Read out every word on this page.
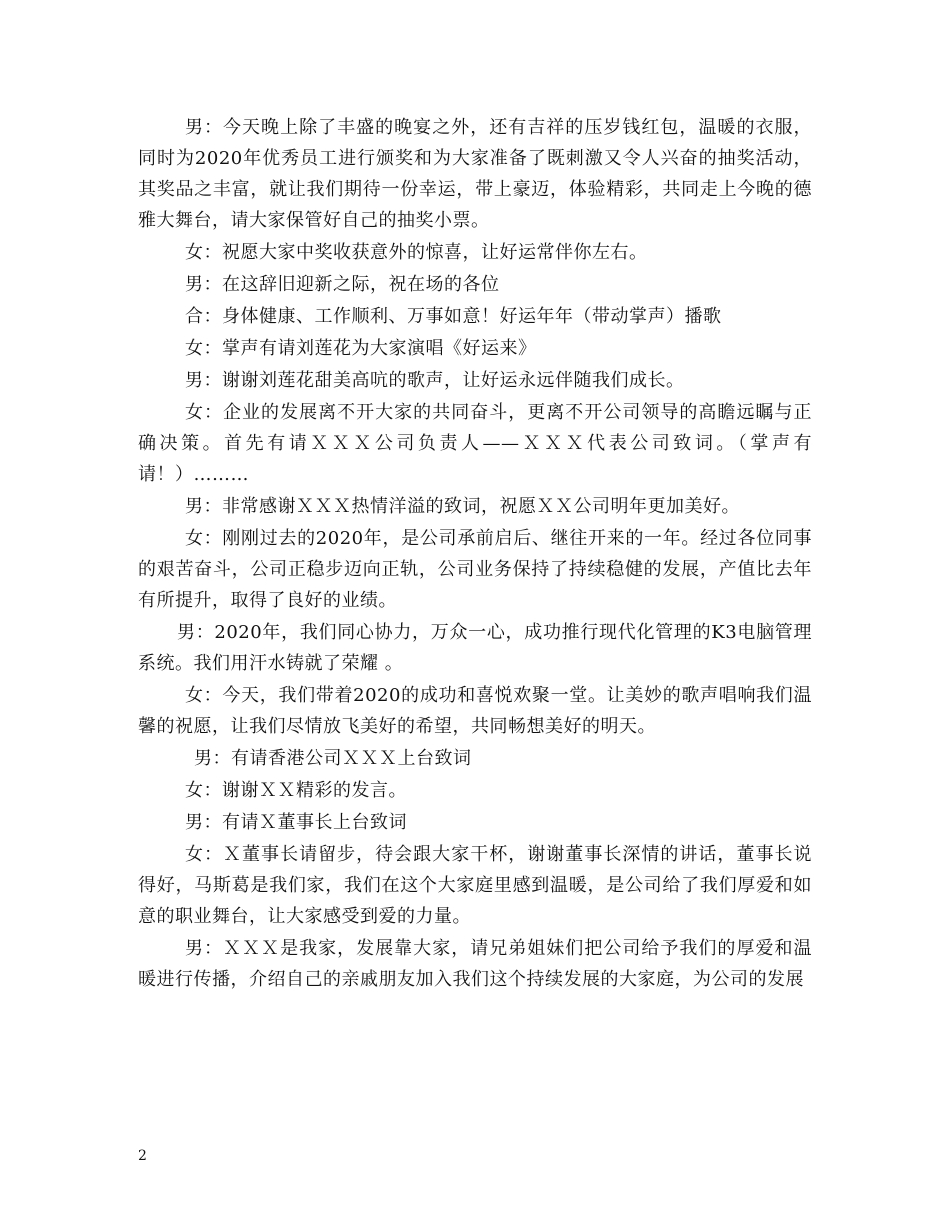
男：今天晚上除了丰盛的晚宴之外，还有吉祥的压岁钱红包，温暖的衣服，同时为2020年优秀员工进行颁奖和为大家准备了既刺激又令人兴奋的抽奖活动，其奖品之丰富，就让我们期待一份幸运，带上豪迈，体验精彩，共同走上今晚的德雅大舞台，请大家保管好自己的抽奖小票。

女：祝愿大家中奖收获意外的惊喜，让好运常伴你左右。

男：在这辞旧迎新之际，祝在场的各位

合：身体健康、工作顺利、万事如意！好运年年（带动掌声）播歌

女：掌声有请刘莲花为大家演唱《好运来》

男：谢谢刘莲花甜美高吭的歌声，让好运永远伴随我们成长。

女：企业的发展离不开大家的共同奋斗，更离不开公司领导的高瞻远瞩与正确决策。首先有请ＸＸＸ公司负责人——ＸＸＸ代表公司致词。（掌声有请！）………

男：非常感谢ＸＸＸ热情洋溢的致词，祝愿ＸＸ公司明年更加美好。

女：刚刚过去的2020年，是公司承前启后、继往开来的一年。经过各位同事的艰苦奋斗，公司正稳步迈向正轨，公司业务保持了持续稳健的发展，产值比去年有所提升，取得了良好的业绩。

男：2020年，我们同心协力，万众一心，成功推行现代化管理的K3电脑管理系统。我们用汗水铸就了荣耀 。

女：今天，我们带着2020的成功和喜悦欢聚一堂。让美妙的歌声唱响我们温馨的祝愿，让我们尽情放飞美好的希望，共同畅想美好的明天。

男：有请香港公司ＸＸＸ上台致词

女：谢谢ＸＸ精彩的发言。

男：有请Ｘ董事长上台致词

女：Ｘ董事长请留步，待会跟大家干杯，谢谢董事长深情的讲话，董事长说得好，马斯葛是我们家，我们在这个大家庭里感到温暖，是公司给了我们厚爱和如意的职业舞台，让大家感受到爱的力量。

男：ＸＸＸ是我家，发展靠大家，请兄弟姐妹们把公司给予我们的厚爱和温暖进行传播，介绍自己的亲戚朋友加入我们这个持续发展的大家庭，为公司的发展

2
